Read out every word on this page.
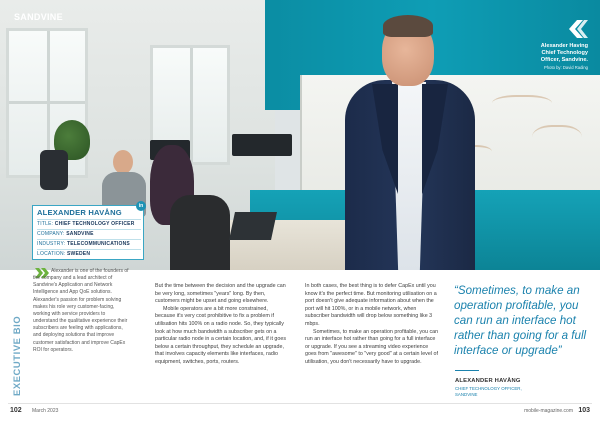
SANDVINE
Alexander Having
Chief Technology
Officer, Sandvine.
Photo by: David Rading
ALEXANDER HAVÅNG
TITLE: CHIEF TECHNOLOGY OFFICER
COMPANY: SANDVINE
INDUSTRY: TELECOMMUNICATIONS
LOCATION: SWEDEN
in
EXECUTIVE BIO
Alexander is one of the founders of the company and a lead architect of Sandvine's Application and Network Intelligence and App QoE solutions. Alexander's passion for problem solving makes his role very customer-facing, working with service providers to understand the qualitative experience their subscribers are feeling with applications, and deploying solutions that improve customer satisfaction and improve CapEx ROI for operators.

But the time between the decision and the upgrade can be very long, sometimes "years" long. By then, customers might be upset and going elsewhere.

Mobile operators are a bit more constrained, because it's very cost prohibitive to fix a problem if utilisation hits 100% on a radio node. So, they typically look at how much bandwidth a subscriber gets on a particular radio node in a certain location, and, if it goes below a certain throughput, they schedule an upgrade, that involves capacity elements like interfaces, radio equipment, switches, ports, routers.

In both cases, the best thing is to defer CapEx until you know it's the perfect time. But monitoring utilisation on a port doesn't give adequate information about when the port will hit 100%, or in a mobile network, when subscriber bandwidth will drop below something like 3 mbps.

Sometimes, to make an operation profitable, you can run an interface hot rather than going for a full interface or upgrade. If you see a streaming video experience goes from "awesome" to "very good" at a certain level of utilisation, you don't necessarily have to upgrade.

“Sometimes, to make an operation profitable, you can run an interface hot rather than going for a full interface or upgrade”
ALEXANDER HAVÅNG
CHIEF TECHNOLOGY OFFICER,
SANDVINE
102 March 2023	mobile-magazine.com 103
